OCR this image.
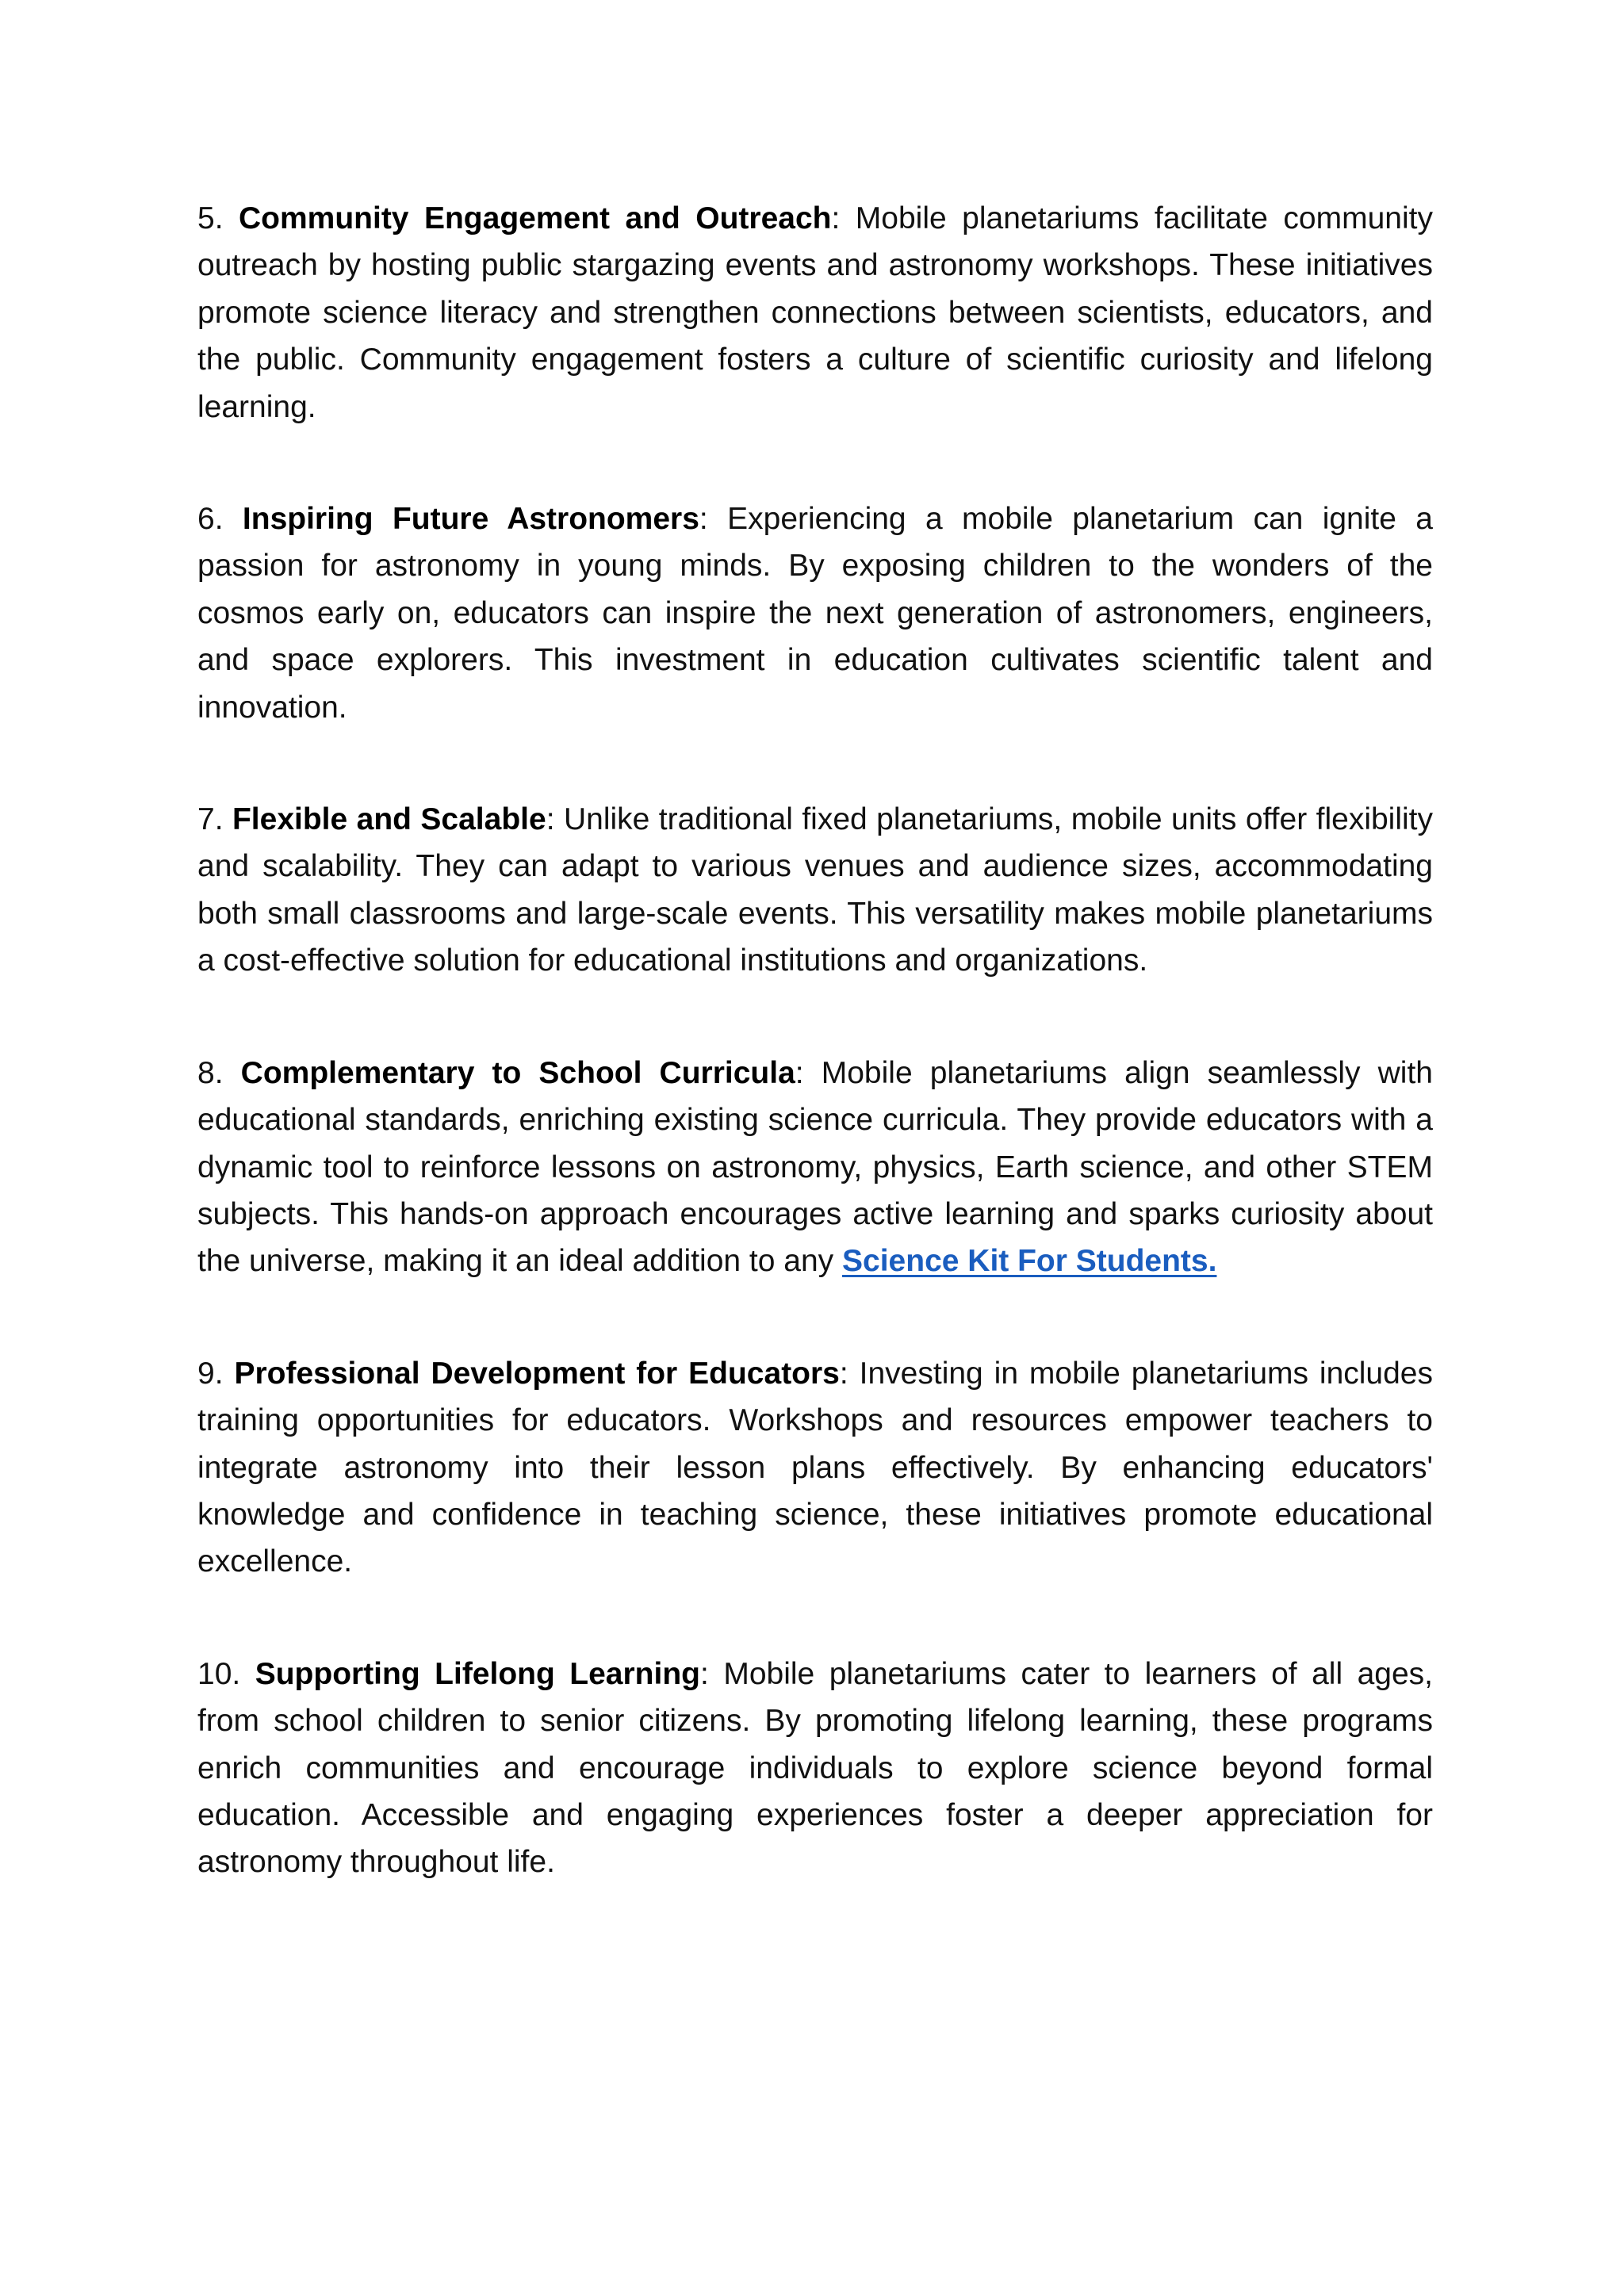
5. Community Engagement and Outreach: Mobile planetariums facilitate community outreach by hosting public stargazing events and astronomy workshops. These initiatives promote science literacy and strengthen connections between scientists, educators, and the public. Community engagement fosters a culture of scientific curiosity and lifelong learning.

6. Inspiring Future Astronomers: Experiencing a mobile planetarium can ignite a passion for astronomy in young minds. By exposing children to the wonders of the cosmos early on, educators can inspire the next generation of astronomers, engineers, and space explorers. This investment in education cultivates scientific talent and innovation.

7. Flexible and Scalable: Unlike traditional fixed planetariums, mobile units offer flexibility and scalability. They can adapt to various venues and audience sizes, accommodating both small classrooms and large-scale events. This versatility makes mobile planetariums a cost-effective solution for educational institutions and organizations.

8. Complementary to School Curricula: Mobile planetariums align seamlessly with educational standards, enriching existing science curricula. They provide educators with a dynamic tool to reinforce lessons on astronomy, physics, Earth science, and other STEM subjects. This hands-on approach encourages active learning and sparks curiosity about the universe, making it an ideal addition to any Science Kit For Students.

9. Professional Development for Educators: Investing in mobile planetariums includes training opportunities for educators. Workshops and resources empower teachers to integrate astronomy into their lesson plans effectively. By enhancing educators' knowledge and confidence in teaching science, these initiatives promote educational excellence.

10. Supporting Lifelong Learning: Mobile planetariums cater to learners of all ages, from school children to senior citizens. By promoting lifelong learning, these programs enrich communities and encourage individuals to explore science beyond formal education. Accessible and engaging experiences foster a deeper appreciation for astronomy throughout life.
